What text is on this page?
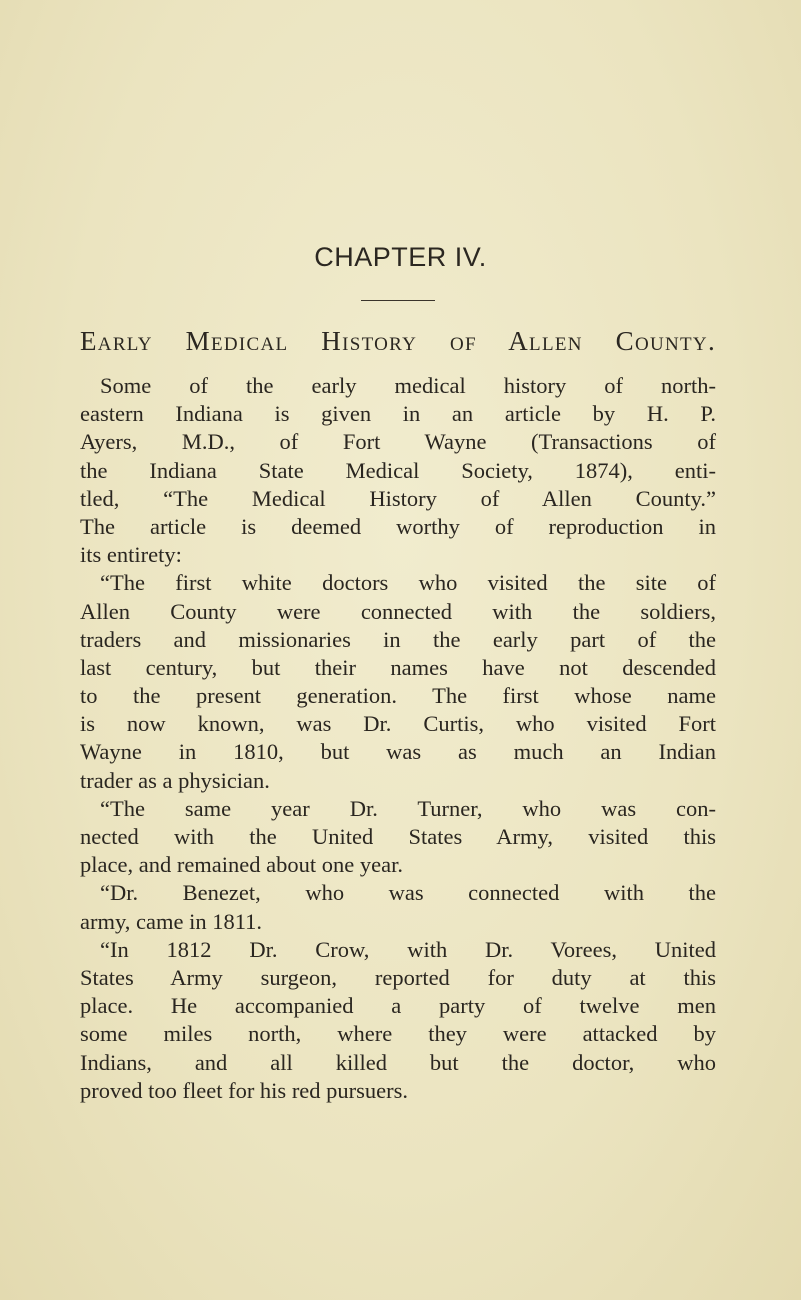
CHAPTER IV.
Early Medical History of Allen County.
Some of the early medical history of north-
eastern Indiana is given in an article by H. P.
Ayers, M.D., of Fort Wayne (Transactions of
the Indiana State Medical Society, 1874), enti-
tled, “The Medical History of Allen County.”
The article is deemed worthy of reproduction in
its entirety:
“The first white doctors who visited the site of
Allen County were connected with the soldiers,
traders and missionaries in the early part of the
last century, but their names have not descended
to the present generation. The first whose name
is now known, was Dr. Curtis, who visited Fort
Wayne in 1810, but was as much an Indian
trader as a physician.
“The same year Dr. Turner, who was con-
nected with the United States Army, visited this
place, and remained about one year.
“Dr. Benezet, who was connected with the
army, came in 1811.
“In 1812 Dr. Crow, with Dr. Vorees, United
States Army surgeon, reported for duty at this
place. He accompanied a party of twelve men
some miles north, where they were attacked by
Indians, and all killed but the doctor, who
proved too fleet for his red pursuers.
